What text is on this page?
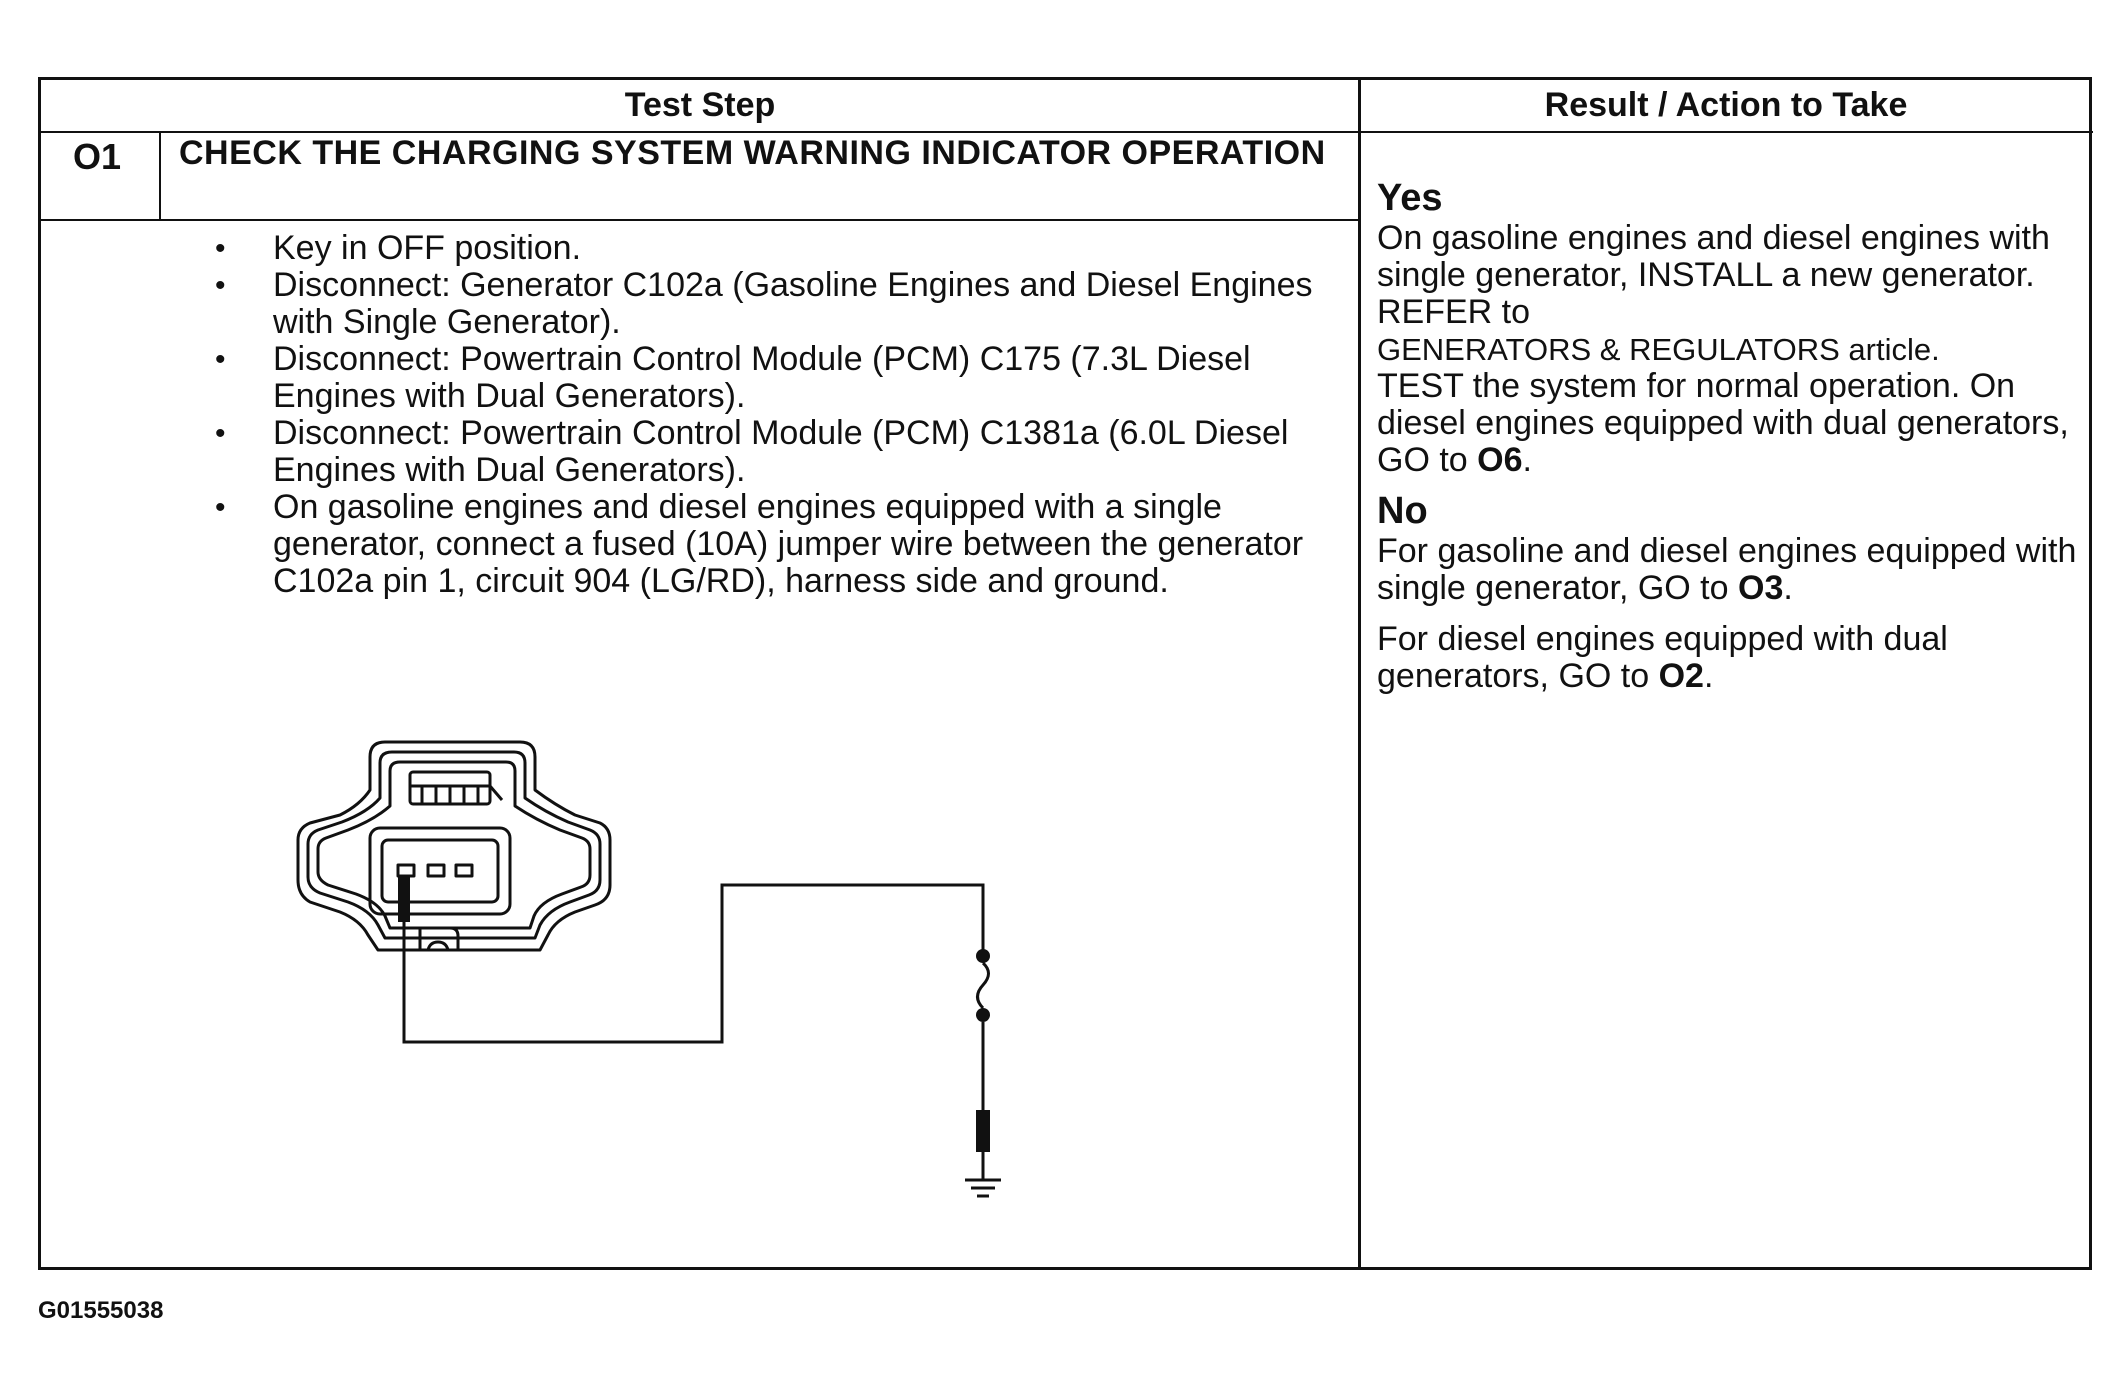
Test Step	Result / Action to Take
O1 CHECK THE CHARGING SYSTEM WARNING INDICATOR OPERATION
• Key in OFF position.
• Disconnect: Generator C102a (Gasoline Engines and Diesel Engines with Single Generator).
• Disconnect: Powertrain Control Module (PCM) C175 (7.3L Diesel Engines with Dual Generators).
• Disconnect: Powertrain Control Module (PCM) C1381a (6.0L Diesel Engines with Dual Generators).
• On gasoline engines and diesel engines equipped with a single generator, connect a fused (10A) jumper wire between the generator C102a pin 1, circuit 904 (LG/RD), harness side and ground.
Yes

On gasoline engines and diesel engines with single generator, INSTALL a new generator. REFER to

GENERATORS & REGULATORS article.

TEST the system for normal operation. On diesel engines equipped with dual generators, GO to O6.

No

For gasoline and diesel engines equipped with single generator, GO to O3.

For diesel engines equipped with dual generators, GO to O2.

G01555038
